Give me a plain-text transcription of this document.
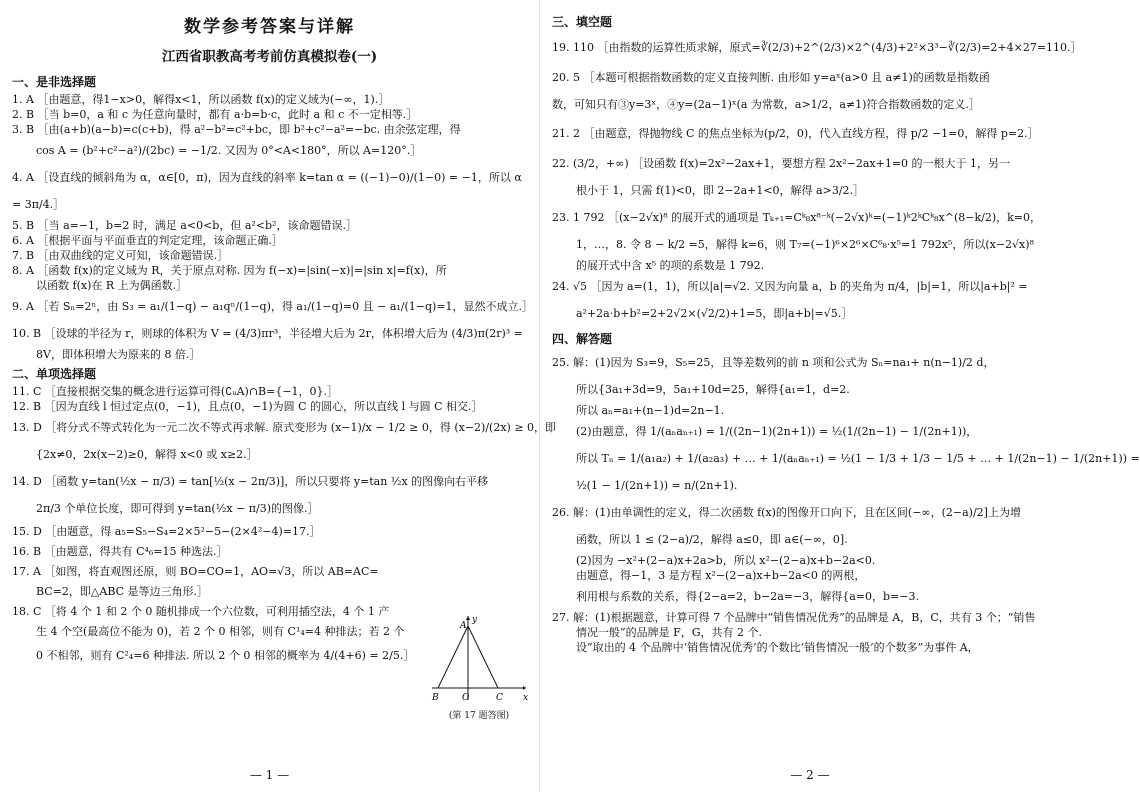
数学参考答案与详解
江西省职教高考考前仿真模拟卷(一)
一、是非选择题
1. A ［由题意，得1−x>0，解得x<1，所以函数 f(x)的定义域为(−∞，1).］
2. B ［当 b=0，a 和 c 为任意向量时，都有 a·b=b·c，此时 a 和 c 不一定相等.］
3. B ［由(a+b)(a−b)=c(c+b)，得 a²−b²=c²+bc，即 b²+c²−a²=−bc. 由余弦定理，得
cos A = (b²+c²−a²)/(2bc) = −1/2. 又因为 0°<A<180°，所以 A=120°.］
4. A ［设直线的倾斜角为 α，α∈[0，π)，因为直线的斜率 k=tan α = ((−1)−0)/(1−0) = −1，所以 α
= 3π/4.］
5. B ［当 a=−1，b=2 时，满足 a<0<b，但 a²<b²，该命题错误.］
6. A ［根据平面与平面垂直的判定定理，该命题正确.］
7. B ［由双曲线的定义可知，该命题错误.］
8. A ［函数 f(x)的定义域为 R，关于原点对称. 因为 f(−x)=|sin(−x)|=|sin x|=f(x)，所
以函数 f(x)在 R 上为偶函数.］
9. A ［若 Sₙ=2ⁿ，由 S₃ = a₁/(1−q) − a₁qⁿ/(1−q)，得 a₁/(1−q)=0 且 − a₁/(1−q)=1，显然不成立.］
10. B ［设球的半径为 r，则球的体积为 V = (4/3)πr³，半径增大后为 2r，体积增大后为 (4/3)π(2r)³ =
8V，即体积增大为原来的 8 倍.］
二、单项选择题
11. C ［直接根据交集的概念进行运算可得(∁ᵤA)∩B={−1，0}.］
12. B ［因为直线 l 恒过定点(0，−1)，且点(0，−1)为圆 C 的圆心，所以直线 l 与圆 C 相交.］
13. D ［将分式不等式转化为一元二次不等式再求解. 原式变形为 (x−1)/x − 1/2 ≥ 0，得 (x−2)/(2x) ≥ 0，即
{2x≠0，2x(x−2)≥0，解得 x<0 或 x≥2.］
14. D ［函数 y=tan(½x − π/3) = tan[½(x − 2π/3)]，所以只要将 y=tan ½x 的图像向右平移
2π/3 个单位长度，即可得到 y=tan(½x − π/3)的图像.］
15. D ［由题意，得 a₅=S₅−S₄=2×5²−5−(2×4²−4)=17.］
16. B ［由题意，得共有 C⁴₆=15 种选法.］
17. A ［如图，将直观图还原，则 BO=CO=1，AO=√3，所以 AB=AC=
BC=2，即△ABC 是等边三角形.］
18. C ［将 4 个 1 和 2 个 0 随机排成一个六位数，可利用插空法，4 个 1 产
生 4 个空(最高位不能为 0)，若 2 个 0 相邻，则有 C¹₄=4 种排法；若 2 个
0 不相邻，则有 C²₄=6 种排法. 所以 2 个 0 相邻的概率为 4/(4+6) = 2/5.］
A
B	O	C x
y
(第 17 题答图)
— 1 —
三、填空题
19. 110 ［由指数的运算性质求解，原式=∛(2/3)+2^(2/3)×2^(4/3)+2²×3³−∛(2/3)=2+4×27=110.］
20. 5 ［本题可根据指数函数的定义直接判断. 由形如 y=aˣ(a>0 且 a≠1)的函数是指数函
数，可知只有③y=3ˣ，④y=(2a−1)ˣ(a 为常数，a>1/2，a≠1)符合指数函数的定义.］
21. 2 ［由题意，得抛物线 C 的焦点坐标为(p/2，0)，代入直线方程，得 p/2 −1=0，解得 p=2.］
22. (3/2，+∞) ［设函数 f(x)=2x²−2ax+1，要想方程 2x²−2ax+1=0 的一根大于 1，另一
根小于 1，只需 f(1)<0，即 2−2a+1<0，解得 a>3/2.］
23. 1 792 ［(x−2√x)⁸ 的展开式的通项是 Tₖ₊₁=Cᵏ₈x⁸⁻ᵏ(−2√x)ᵏ=(−1)ᵏ2ᵏCᵏ₈x^(8−k/2)，k=0，
1，…，8. 令 8 − k/2 =5，解得 k=6，则 T₇=(−1)⁶×2⁶×C⁶₈·x⁵=1 792x⁵，所以(x−2√x)⁸
的展开式中含 x⁵ 的项的系数是 1 792.
24. √5 ［因为 a=(1，1)，所以|a|=√2. 又因为向量 a，b 的夹角为 π/4，|b|=1，所以|a+b|² =
a²+2a·b+b²=2+2√2×(√2/2)+1=5，即|a+b|=√5.］
四、解答题
25. 解：(1)因为 S₃=9，S₅=25，且等差数列的前 n 项和公式为 Sₙ=na₁+ n(n−1)/2 d，
所以{3a₁+3d=9，5a₁+10d=25，解得{a₁=1，d=2.
所以 aₙ=a₁+(n−1)d=2n−1.
(2)由题意，得 1/(aₙaₙ₊₁) = 1/((2n−1)(2n+1)) = ½(1/(2n−1) − 1/(2n+1))，
所以 Tₙ = 1/(a₁a₂) + 1/(a₂a₃) + … + 1/(aₙaₙ₊₁) = ½(1 − 1/3 + 1/3 − 1/5 + … + 1/(2n−1) − 1/(2n+1)) =
½(1 − 1/(2n+1)) = n/(2n+1).
26. 解：(1)由单调性的定义，得二次函数 f(x)的图像开口向下，且在区间(−∞，(2−a)/2]上为增
函数，所以 1 ≤ (2−a)/2，解得 a≤0，即 a∈(−∞，0].
(2)因为 −x²+(2−a)x+2a>b，所以 x²−(2−a)x+b−2a<0.
由题意，得−1，3 是方程 x²−(2−a)x+b−2a<0 的两根，
利用根与系数的关系，得{2−a=2，b−2a=−3，解得{a=0，b=−3.
27. 解：(1)根据题意，计算可得 7 个品牌中“销售情况优秀”的品牌是 A，B，C，共有 3 个；“销售
情况一般”的品牌是 F，G，共有 2 个.
设“取出的 4 个品牌中‘销售情况优秀’的个数比‘销售情况一般’的个数多”为事件 A，
— 2 —
